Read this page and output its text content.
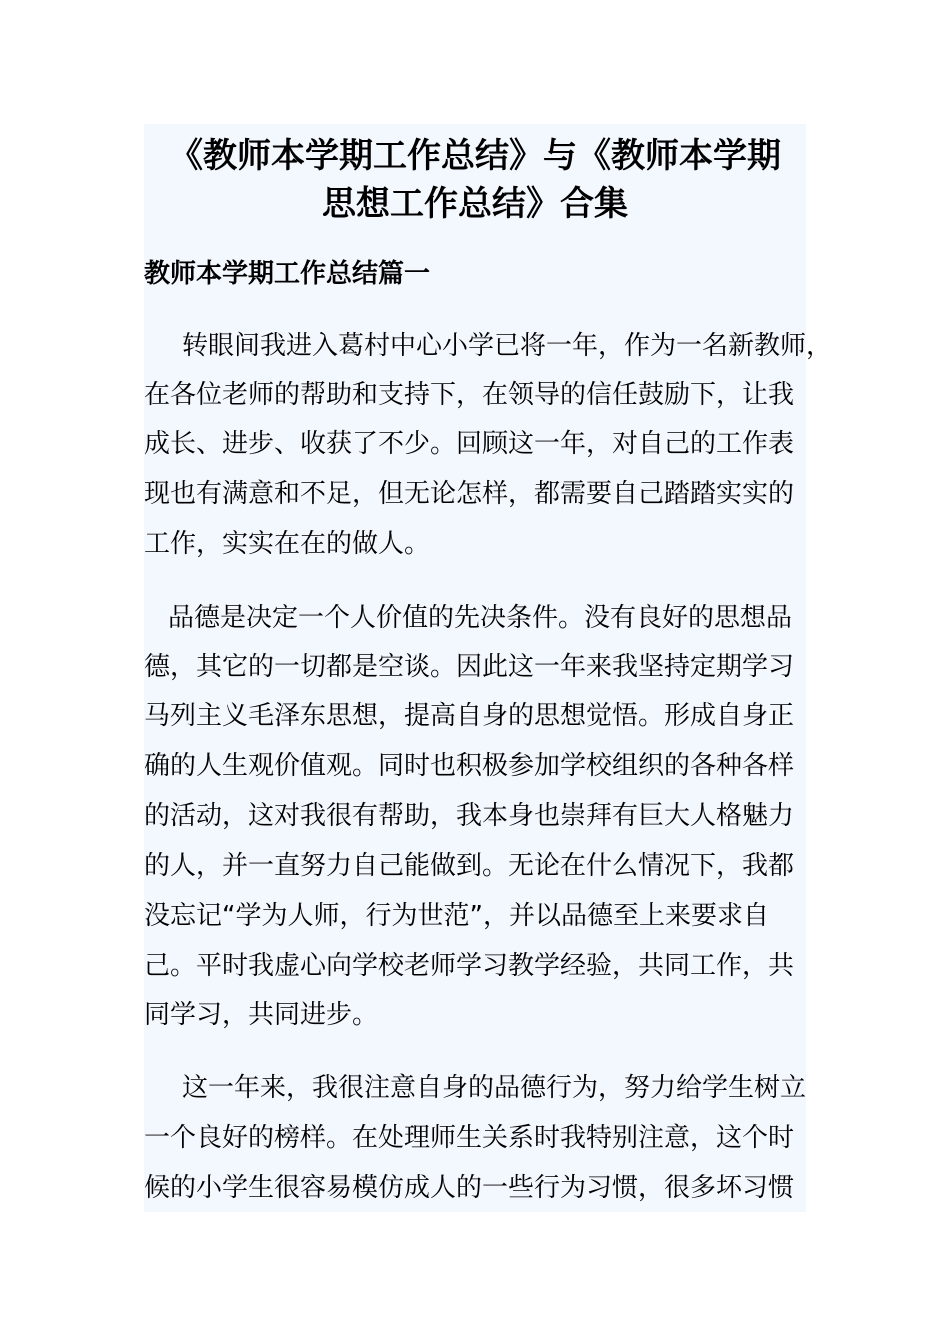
《教师本学期工作总结》与《教师本学期
思想工作总结》合集
教师本学期工作总结篇一
转眼间我进入葛村中心小学已将一年，作为一名新教师，
在各位老师的帮助和支持下，在领导的信任鼓励下，让我
成长、进步、收获了不少。回顾这一年，对自己的工作表
现也有满意和不足，但无论怎样，都需要自己踏踏实实的
工作，实实在在的做人。
品德是决定一个人价值的先决条件。没有良好的思想品
德，其它的一切都是空谈。因此这一年来我坚持定期学习
马列主义毛泽东思想，提高自身的思想觉悟。形成自身正
确的人生观价值观。同时也积极参加学校组织的各种各样
的活动，这对我很有帮助，我本身也崇拜有巨大人格魅力
的人，并一直努力自己能做到。无论在什么情况下，我都
没忘记“学为人师，行为世范”，并以品德至上来要求自
己。平时我虚心向学校老师学习教学经验，共同工作，共
同学习，共同进步。
这一年来，我很注意自身的品德行为，努力给学生树立
一个良好的榜样。在处理师生关系时我特别注意，这个时
候的小学生很容易模仿成人的一些行为习惯，很多坏习惯
